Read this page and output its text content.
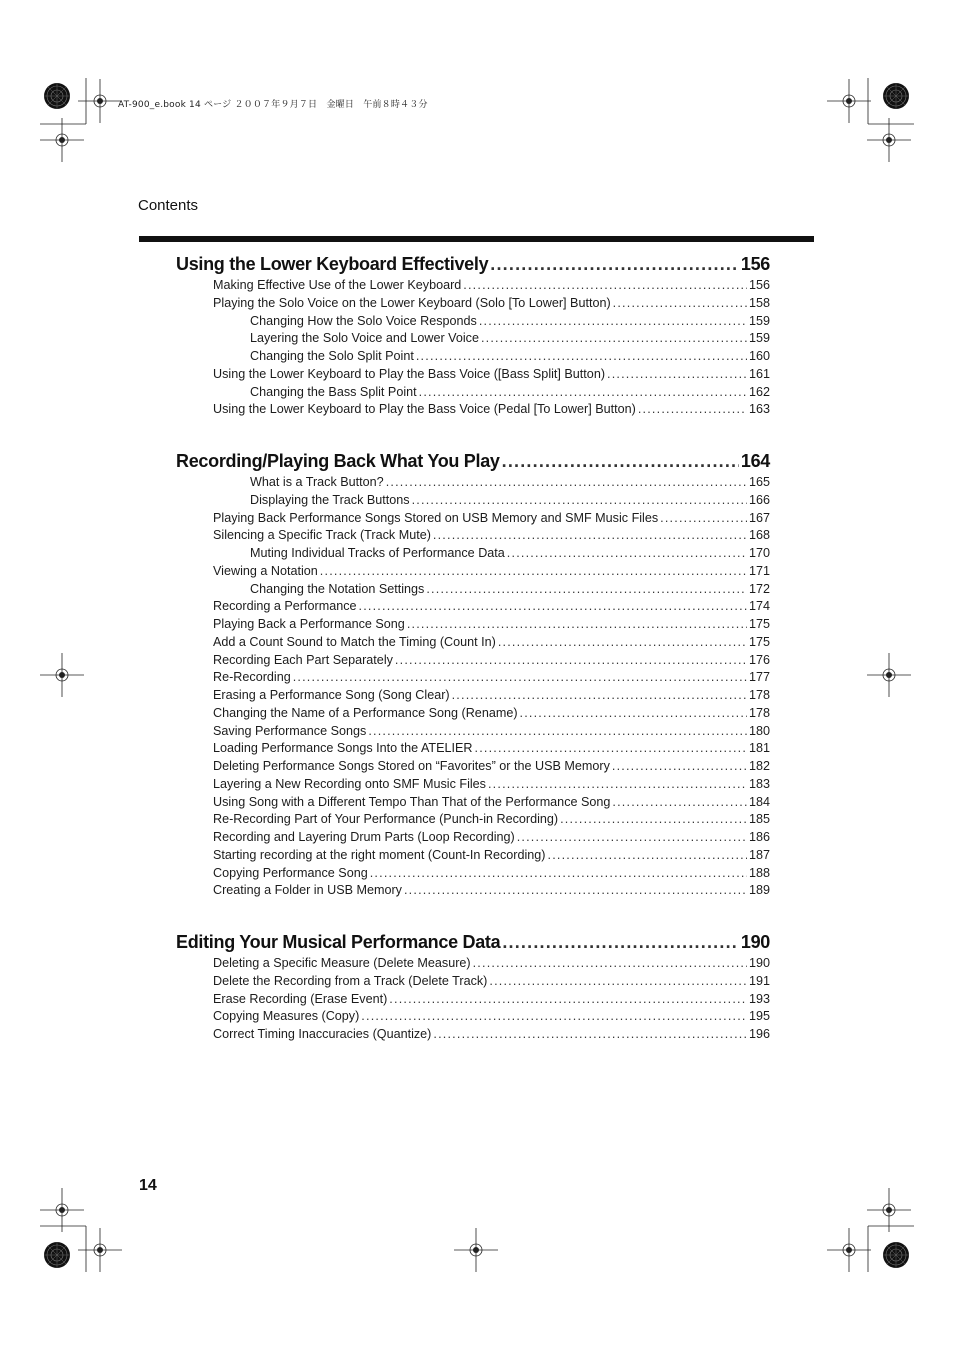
AT-900_e.book 14 ページ ２００７年９月７日　金曜日　午前８時４３分
Contents
Using the Lower Keyboard Effectively .....	156
Making Effective Use of the Lower Keyboard .....	156
Playing the Solo Voice on the Lower Keyboard (Solo [To Lower] Button) .....	158
Changing How the Solo Voice Responds .....	159
Layering the Solo Voice and Lower Voice .....	159
Changing the Solo Split Point .....	160
Using the Lower Keyboard to Play the Bass Voice ([Bass Split] Button) .....	161
Changing the Bass Split Point .....	162
Using the Lower Keyboard to Play the Bass Voice (Pedal [To Lower] Button) .....	163
Recording/Playing Back What You Play .....	164
What is a Track Button? .....	165
Displaying the Track Buttons .....	166
Playing Back Performance Songs Stored on USB Memory and SMF Music Files .....	167
Silencing a Specific Track (Track Mute) .....	168
Muting Individual Tracks of Performance Data .....	170
Viewing a Notation .....	171
Changing the Notation Settings .....	172
Recording a Performance .....	174
Playing Back a Performance Song .....	175
Add a Count Sound to Match the Timing (Count In) .....	175
Recording Each Part Separately .....	176
Re-Recording .....	177
Erasing a Performance Song (Song Clear) .....	178
Changing the Name of a Performance Song (Rename) .....	178
Saving Performance Songs .....	180
Loading Performance Songs Into the ATELIER .....	181
Deleting Performance Songs Stored on “Favorites” or the USB Memory .....	182
Layering a New Recording onto SMF Music Files .....	183
Using Song with a Different Tempo Than That of the Performance Song .....	184
Re-Recording Part of Your Performance (Punch-in Recording) .....	185
Recording and Layering Drum Parts (Loop Recording) .....	186
Starting recording at the right moment (Count-In Recording) .....	187
Copying Performance Song .....	188
Creating a Folder in USB Memory .....	189
Editing Your Musical Performance Data .....	190
Deleting a Specific Measure (Delete Measure) .....	190
Delete the Recording from a Track (Delete Track) .....	191
Erase Recording (Erase Event) .....	193
Copying Measures (Copy) .....	195
Correct Timing Inaccuracies (Quantize) .....	196
14
